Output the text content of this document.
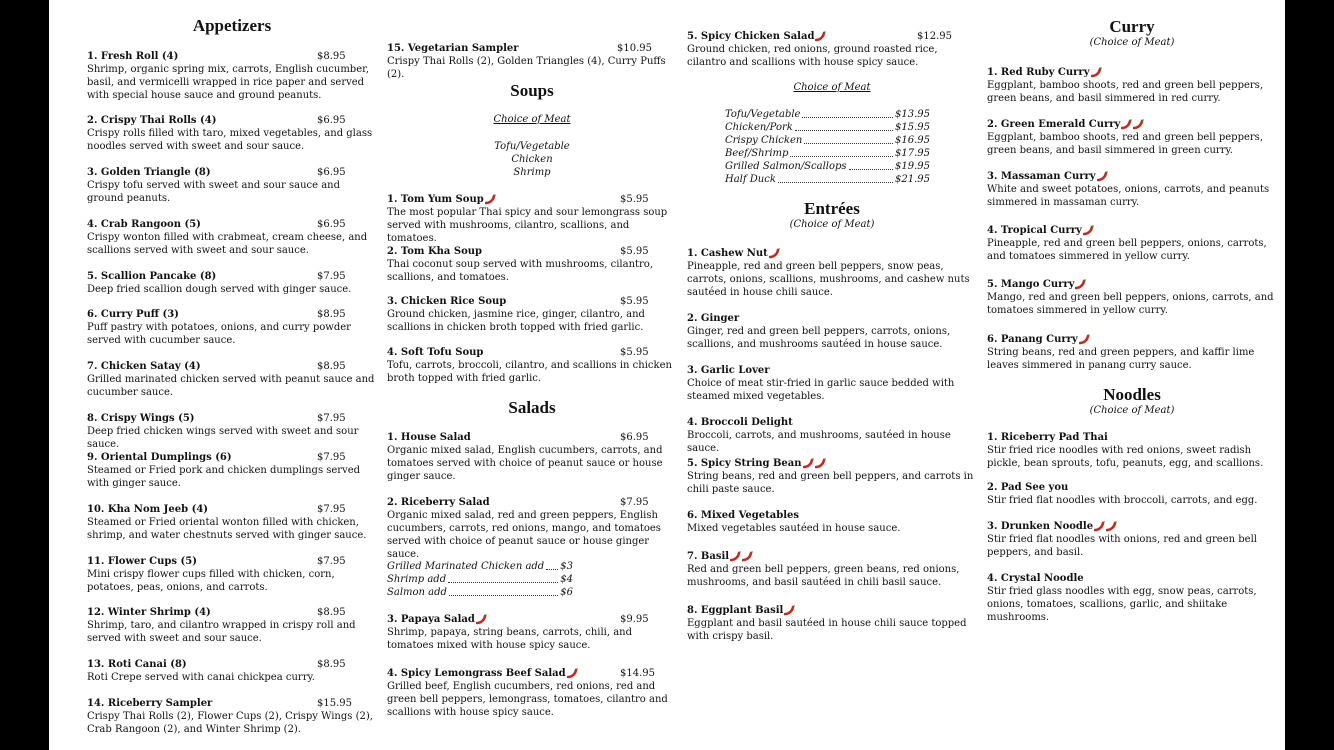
Appetizers
1. Fresh Roll (4)	$8.95
Shrimp, organic spring mix, carrots, English cucumber, basil, and vermicelli wrapped in rice paper and served with special house sauce and ground peanuts.
2. Crispy Thai Rolls (4)	$6.95
Crispy rolls filled with taro, mixed vegetables, and glass noodles served with sweet and sour sauce.
3. Golden Triangle (8)	$6.95
Crispy tofu served with sweet and sour sauce and ground peanuts.
4. Crab Rangoon (5)	$6.95
Crispy wonton filled with crabmeat, cream cheese, and scallions served with sweet and sour sauce.
5. Scallion Pancake (8)	$7.95
Deep fried scallion dough served with ginger sauce.
6. Curry Puff (3)	$8.95
Puff pastry with potatoes, onions, and curry powder served with cucumber sauce.
7. Chicken Satay (4)	$8.95
Grilled marinated chicken served with peanut sauce and cucumber sauce.
8. Crispy Wings (5)	$7.95
Deep fried chicken wings served with sweet and sour sauce.
9. Oriental Dumplings (6)	$7.95
Steamed or Fried pork and chicken dumplings served with ginger sauce.
10. Kha Nom Jeeb (4)	$7.95
Steamed or Fried oriental wonton filled with chicken, shrimp, and water chestnuts served with ginger sauce.
11. Flower Cups (5)	$7.95
Mini crispy flower cups filled with chicken, corn, potatoes, peas, onions, and carrots.
12. Winter Shrimp (4)	$8.95
Shrimp, taro, and cilantro wrapped in crispy roll and served with sweet and sour sauce.
13. Roti Canai (8)	$8.95
Roti Crepe served with canai chickpea curry.
14. Riceberry Sampler	$15.95
Crispy Thai Rolls (2), Flower Cups (2), Crispy Wings (2), Crab Rangoon (2), and Winter Shrimp (2).
15. Vegetarian Sampler	$10.95
Crispy Thai Rolls (2), Golden Triangles (4), Curry Puffs (2).
Soups
Choice of Meat
Tofu/Vegetable
Chicken
Shrimp
1. Tom Yum Soup	$5.95
The most popular Thai spicy and sour lemongrass soup served with mushrooms, cilantro, scallions, and tomatoes.
2. Tom Kha Soup	$5.95
Thai coconut soup served with mushrooms, cilantro, scallions, and tomatoes.
3. Chicken Rice Soup	$5.95
Ground chicken, jasmine rice, ginger, cilantro, and scallions in chicken broth topped with fried garlic.
4. Soft Tofu Soup	$5.95
Tofu, carrots, broccoli, cilantro, and scallions in chicken broth topped with fried garlic.
Salads
1. House Salad	$6.95
Organic mixed salad, English cucumbers, carrots, and tomatoes served with choice of peanut sauce or house ginger sauce.
2. Riceberry Salad	$7.95
Organic mixed salad, red and green peppers, English cucumbers, carrots, red onions, mango, and tomatoes served with choice of peanut sauce or house ginger sauce.
3. Papaya Salad	$9.95
Shrimp, papaya, string beans, carrots, chili, and tomatoes mixed with house spicy sauce.
4. Spicy Lemongrass Beef Salad	$14.95
Grilled beef, English cucumbers, red onions, red and green bell peppers, lemongrass, tomatoes, cilantro and scallions with house spicy sauce.
Grilled Marinated Chicken add $3
Shrimp add	$4
Salmon add	$6
5. Spicy Chicken Salad	$12.95
Ground chicken, red onions, ground roasted rice, cilantro and scallions with house spicy sauce.
Choice of Meat
Tofu/Vegetable	$13.95
Chicken/Pork	$15.95
Crispy Chicken	$16.95
Beef/Shrimp	$17.95
Grilled Salmon/Scallops	$19.95
Half Duck	$21.95
Entrées
(Choice of Meat)
1. Cashew Nut
Pineapple, red and green bell peppers, snow peas, carrots, onions, scallions, mushrooms, and cashew nuts sautéed in house chili sauce.
2. Ginger
Ginger, red and green bell peppers, carrots, onions, scallions, and mushrooms sautéed in house sauce.
3. Garlic Lover
Choice of meat stir-fried in garlic sauce bedded with steamed mixed vegetables.
4. Broccoli Delight
Broccoli, carrots, and mushrooms, sautéed in house sauce.
5. Spicy String Bean
String beans, red and green bell peppers, and carrots in chili paste sauce.
6. Mixed Vegetables
Mixed vegetables sautéed in house sauce.
7. Basil
Red and green bell peppers, green beans, red onions, mushrooms, and basil sautéed in chili basil sauce.
8. Eggplant Basil
Eggplant and basil sautéed in house chili sauce topped with crispy basil.
Curry
(Choice of Meat)
1. Red Ruby Curry
Eggplant, bamboo shoots, red and green bell peppers, green beans, and basil simmered in red curry.
2. Green Emerald Curry
Eggplant, bamboo shoots, red and green bell peppers, green beans, and basil simmered in green curry.
3. Massaman Curry
White and sweet potatoes, onions, carrots, and peanuts simmered in massaman curry.
4. Tropical Curry
Pineapple, red and green bell peppers, onions, carrots, and tomatoes simmered in yellow curry.
5. Mango Curry
Mango, red and green bell peppers, onions, carrots, and tomatoes simmered in yellow curry.
6. Panang Curry
String beans, red and green peppers, and kaffir lime leaves simmered in panang curry sauce.
Noodles
(Choice of Meat)
1. Riceberry Pad Thai
Stir fried rice noodles with red onions, sweet radish pickle, bean sprouts, tofu, peanuts, egg, and scallions.
2. Pad See you
Stir fried flat noodles with broccoli, carrots, and egg.
3. Drunken Noodle
Stir fried flat noodles with onions, red and green bell peppers, and basil.
4. Crystal Noodle
Stir fried glass noodles with egg, snow peas, carrots, onions, tomatoes, scallions, garlic, and shiitake mushrooms.
